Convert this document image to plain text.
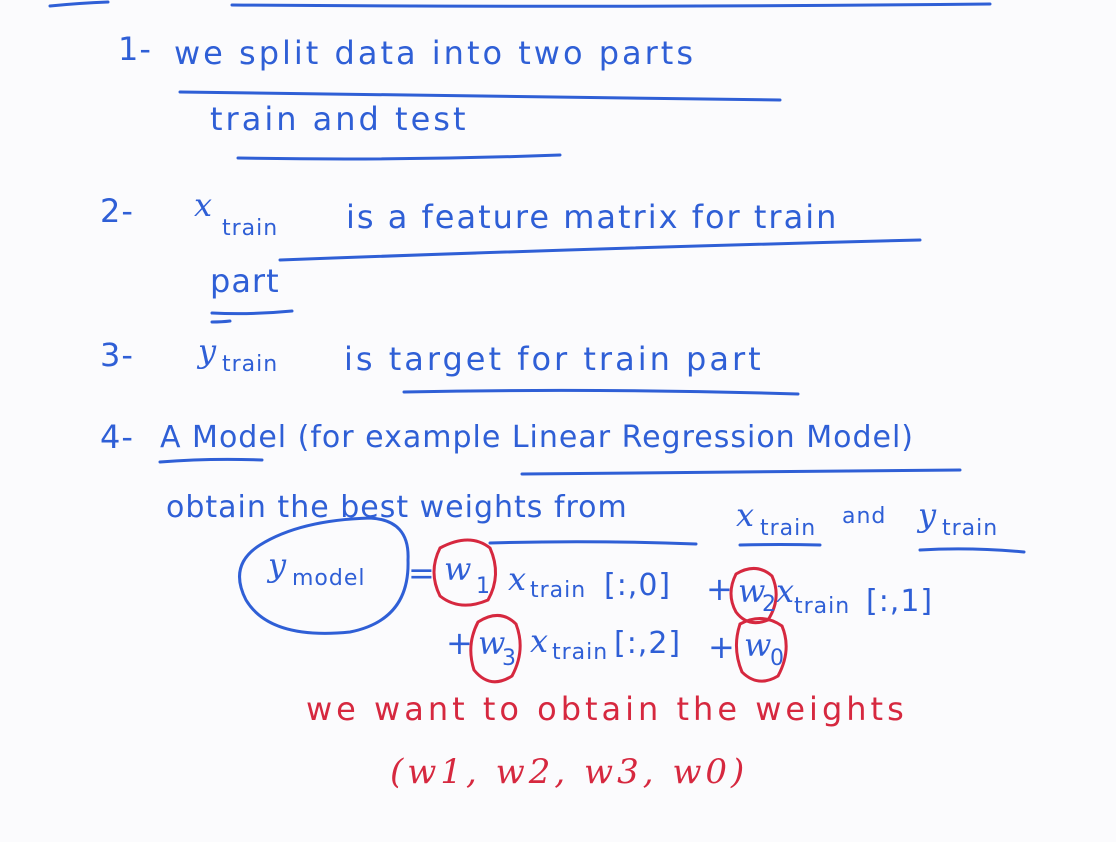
1- we split data into two parts
train and test
2- x
train is a feature matrix for train
part
3- y train is target for train part
4- A Model (for example Linear Regression Model)
obtain the best weights from	x train and y train
y model = w 1 x train [:,0] + w
2 x
train [:,1]
+ w
3 x train [:,2] + w
0
we want to obtain the weights
(w1, w2, w3, w0)
